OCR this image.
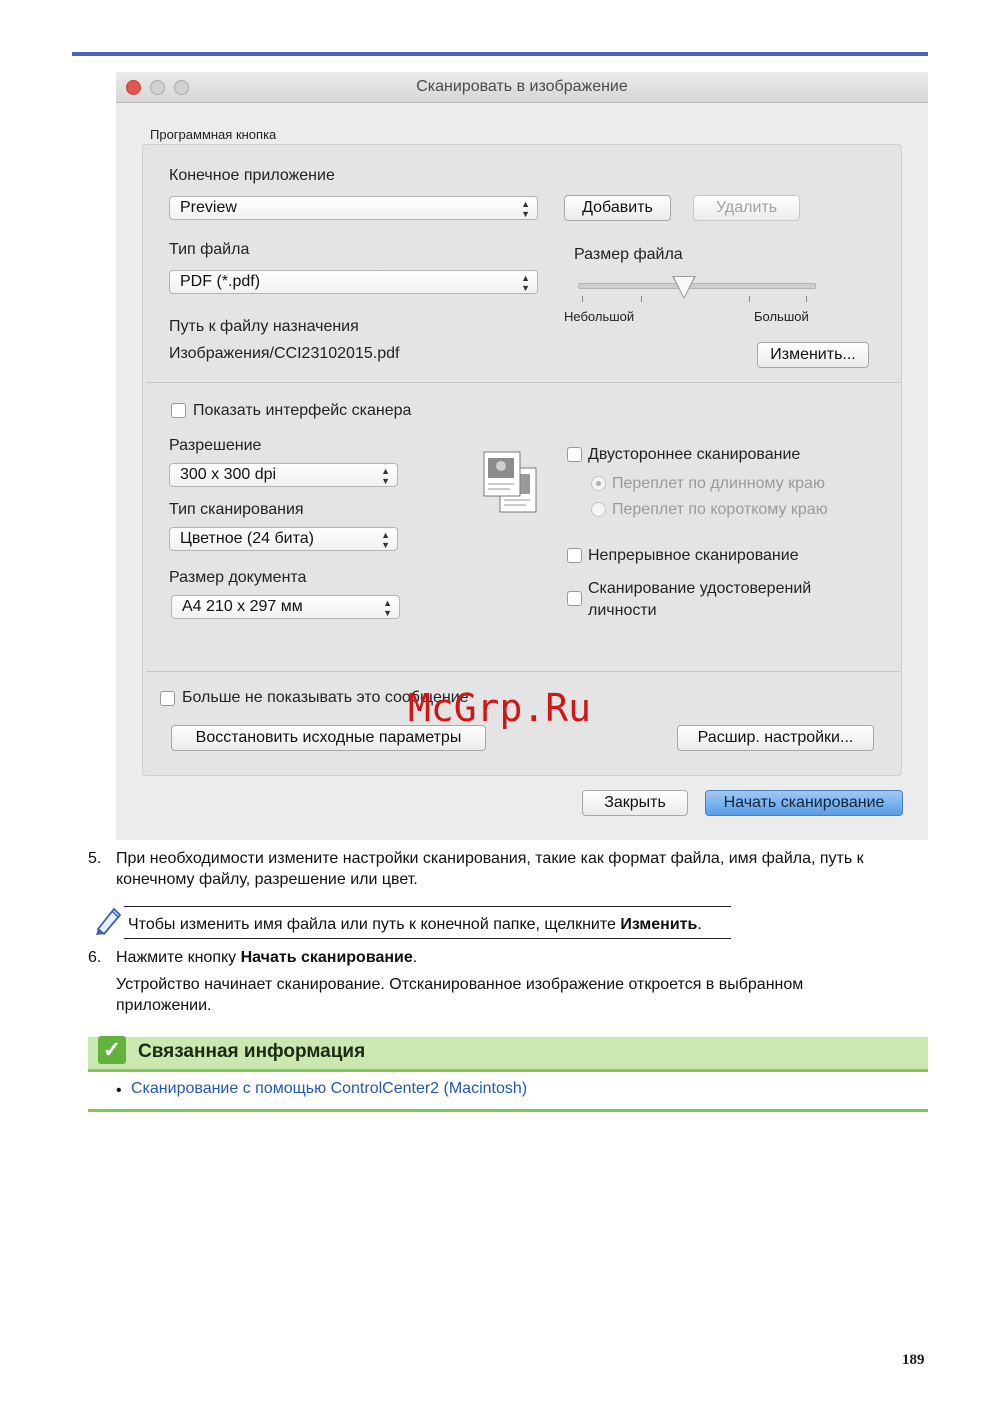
Сканировать в изображение
Программная кнопка
Конечное приложение
Preview	▲
▼	Добавить	Удалить
Тип файла
PDF (*.pdf)	▲
▼
Размер файла
Небольшой	Большой
Путь к файлу назначения
Изображения/CCI23102015.pdf	Изменить...
Показать интерфейс сканера
Разрешение
300 x 300 dpi	▲
▼
Тип сканирования
Цветное (24 бита)	▲
▼
Размер документа
A4 210 x 297 мм	▲
▼
Двустороннее сканирование
Переплет по длинному краю
Переплет по короткому краю
Непрерывное сканирование
Сканирование удостоверений
личности
Больше не показывать это сообщение
Восстановить исходные параметры	Расшир. настройки...
Закрыть	Начать сканирование
5. При необходимости измените настройки сканирования, такие как формат файла, имя файла, путь к
конечному файлу, разрешение или цвет.
Чтобы изменить имя файла или путь к конечной папке, щелкните Изменить.
6. Нажмите кнопку Начать сканирование.
Устройство начинает сканирование. Отсканированное изображение откроется в выбранном
приложении.
✓ Связанная информация
• Сканирование с помощью ControlCenter2 (Macintosh)
McGrp.Ru
189
